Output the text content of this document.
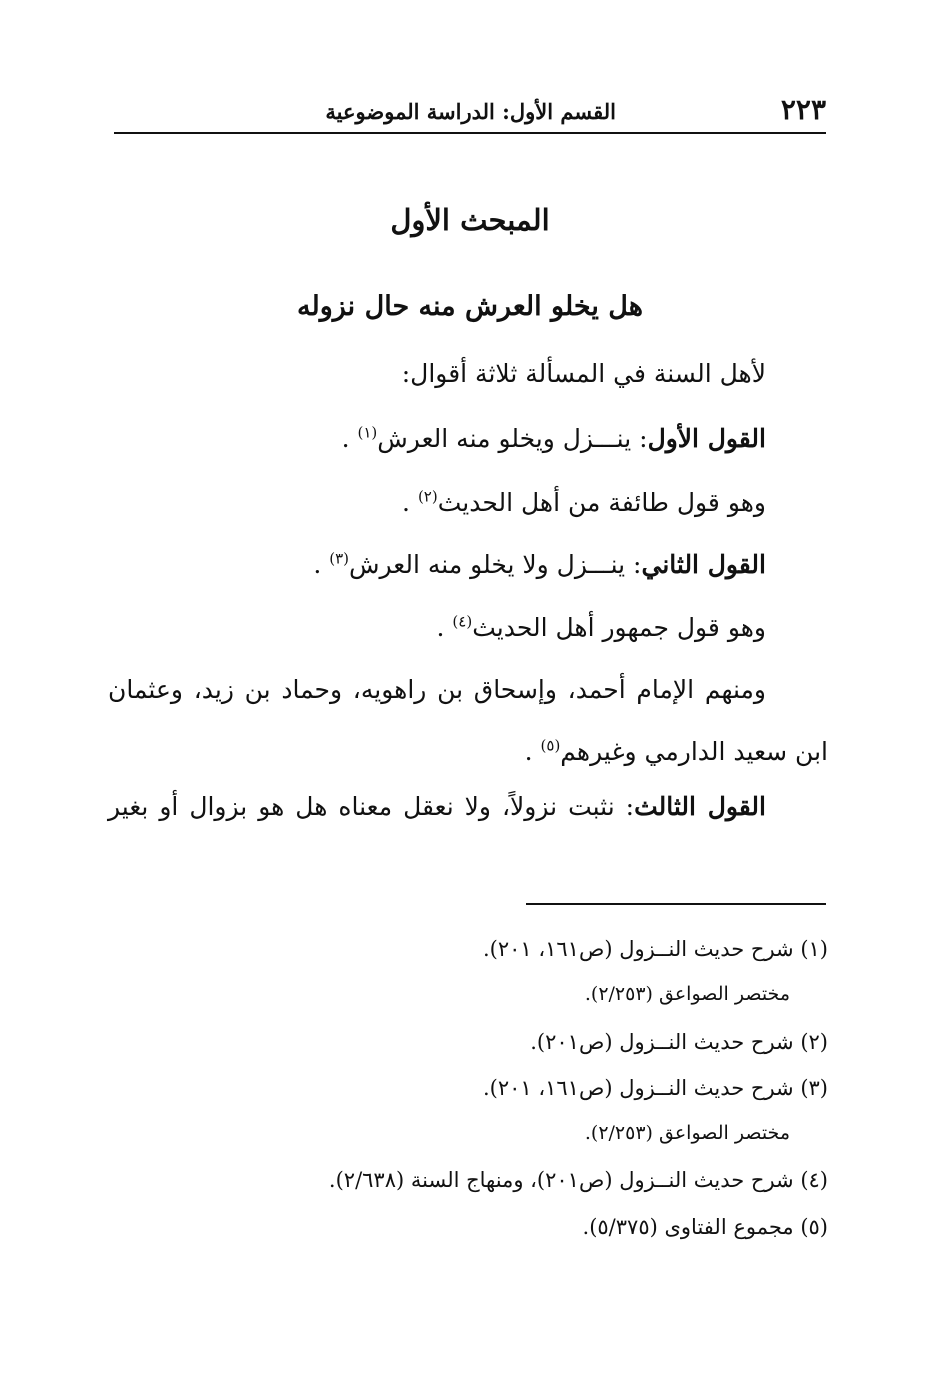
٢٢٣
القسم الأول: الدراسة الموضوعية
المبحث الأول
هل يخلو العرش منه حال نزوله
لأهل السنة في المسألة ثلاثة أقوال:
القول الأول: ينـــزل ويخلو منه العرش$^{(١)}$ .
وهو قول طائفة من أهل الحديث$^{(٢)}$ .
القول الثاني: ينـــزل ولا يخلو منه العرش$^{(٣)}$ .
وهو قول جمهور أهل الحديث$^{(٤)}$ .
ومنهم الإمام أحمد، وإسحاق بن راهويه، وحماد بن زيد، وعثمان
ابن سعيد الدارمي وغيرهم$^{(٥)}$ .
القول الثالث: نثبت نزولاً، ولا نعقل معناه هل هو بزوال أو بغير
(١) شرح حديث النــزول (ص١٦١، ٢٠١).
مختصر الصواعق (٢/٢٥٣).
(٢) شرح حديث النــزول (ص٢٠١).
(٣) شرح حديث النــزول (ص١٦١، ٢٠١).
مختصر الصواعق (٢/٢٥٣).
(٤) شرح حديث النــزول (ص٢٠١)، ومنهاج السنة (٢/٦٣٨).
(٥) مجموع الفتاوى (٥/٣٧٥).
